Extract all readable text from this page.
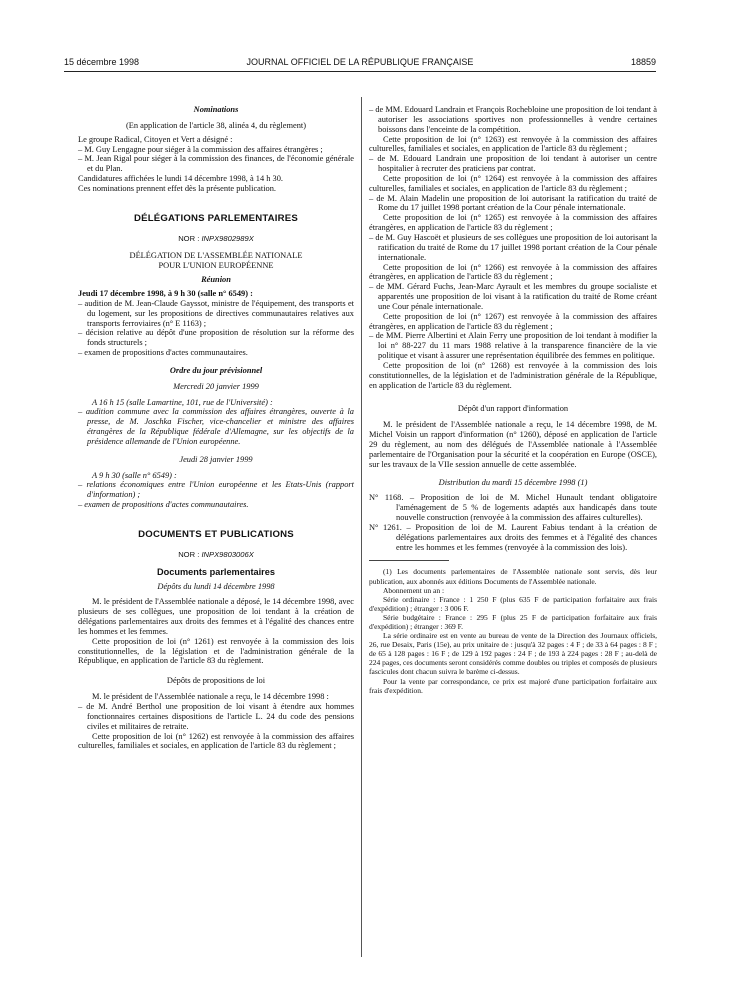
15 décembre 1998	JOURNAL OFFICIEL DE LA RÉPUBLIQUE FRANÇAISE	18859

Nominations

(En application de l'article 38, alinéa 4, du règlement)

Le groupe Radical, Citoyen et Vert a désigné :

– M. Guy Lengagne pour siéger à la commission des affaires étrangères ;

– M. Jean Rigal pour siéger à la commission des finances, de l'économie générale et du Plan.

Candidatures affichées le lundi 14 décembre 1998, à 14 h 30.

Ces nominations prennent effet dès la présente publication.

DÉLÉGATIONS PARLEMENTAIRES

NOR : INPX9802989X

DÉLÉGATION DE L'ASSEMBLÉE NATIONALE

POUR L'UNION EUROPÉENNE

Réunion

Jeudi 17 décembre 1998, à 9 h 30 (salle n° 6549) :

– audition de M. Jean-Claude Gayssot, ministre de l'équipement, des transports et du logement, sur les propositions de directives communautaires relatives aux transports ferroviaires (n° E 1163) ;

– décision relative au dépôt d'une proposition de résolution sur la réforme des fonds structurels ;

– examen de propositions d'actes communautaires.

Ordre du jour prévisionnel

Mercredi 20 janvier 1999

A 16 h 15 (salle Lamartine, 101, rue de l'Université) :

– audition commune avec la commission des affaires étrangères, ouverte à la presse, de M. Joschka Fischer, vice-chancelier et ministre des affaires étrangères de la République fédérale d'Allemagne, sur les objectifs de la présidence allemande de l'Union européenne.

Jeudi 28 janvier 1999

A 9 h 30 (salle n° 6549) :

– relations économiques entre l'Union européenne et les Etats-Unis (rapport d'information) ;

– examen de propositions d'actes communautaires.

DOCUMENTS ET PUBLICATIONS

NOR : INPX9803006X

Documents parlementaires

Dépôts du lundi 14 décembre 1998

M. le président de l'Assemblée nationale a déposé, le 14 décembre 1998, avec plusieurs de ses collègues, une proposition de loi tendant à la création de délégations parlementaires aux droits des femmes et à l'égalité des chances entre les hommes et les femmes.

Cette proposition de loi (n° 1261) est renvoyée à la commission des lois constitutionnelles, de la législation et de l'administration générale de la République, en application de l'article 83 du règlement.

Dépôts de propositions de loi

M. le président de l'Assemblée nationale a reçu, le 14 décembre 1998 :

– de M. André Berthol une proposition de loi visant à étendre aux hommes fonctionnaires certaines dispositions de l'article L. 24 du code des pensions civiles et militaires de retraite.

Cette proposition de loi (n° 1262) est renvoyée à la commission des affaires culturelles, familiales et sociales, en application de l'article 83 du règlement ;

– de MM. Edouard Landrain et François Rochebloine une proposition de loi tendant à autoriser les associations sportives non professionnelles à vendre certaines boissons dans l'enceinte de la compétition.

Cette proposition de loi (n° 1263) est renvoyée à la commission des affaires culturelles, familiales et sociales, en application de l'article 83 du règlement ;

– de M. Edouard Landrain une proposition de loi tendant à autoriser un centre hospitalier à recruter des praticiens par contrat.

Cette proposition de loi (n° 1264) est renvoyée à la commission des affaires culturelles, familiales et sociales, en application de l'article 83 du règlement ;

– de M. Alain Madelin une proposition de loi autorisant la ratification du traité de Rome du 17 juillet 1998 portant création de la Cour pénale internationale.

Cette proposition de loi (n° 1265) est renvoyée à la commission des affaires étrangères, en application de l'article 83 du règlement ;

– de M. Guy Hascoët et plusieurs de ses collègues une proposition de loi autorisant la ratification du traité de Rome du 17 juillet 1998 portant création de la Cour pénale internationale.

Cette proposition de loi (n° 1266) est renvoyée à la commission des affaires étrangères, en application de l'article 83 du règlement ;

– de MM. Gérard Fuchs, Jean-Marc Ayrault et les membres du groupe socialiste et apparentés une proposition de loi visant à la ratification du traité de Rome créant une Cour pénale internationale.

Cette proposition de loi (n° 1267) est renvoyée à la commission des affaires étrangères, en application de l'article 83 du règlement ;

– de MM. Pierre Albertini et Alain Ferry une proposition de loi tendant à modifier la loi n° 88-227 du 11 mars 1988 relative à la transparence financière de la vie politique et visant à assurer une représentation équilibrée des femmes en politique.

Cette proposition de loi (n° 1268) est renvoyée à la commission des lois constitutionnelles, de la législation et de l'administration générale de la République, en application de l'article 83 du règlement.

Dépôt d'un rapport d'information

M. le président de l'Assemblée nationale a reçu, le 14 décembre 1998, de M. Michel Voisin un rapport d'information (n° 1260), déposé en application de l'article 29 du règlement, au nom des délégués de l'Assemblée nationale à l'Assemblée parlementaire de l'Organisation pour la sécurité et la coopération en Europe (OSCE), sur les travaux de la VIIe session annuelle de cette assemblée.

Distribution du mardi 15 décembre 1998 (1)

N° 1168. – Proposition de loi de M. Michel Hunault tendant obligatoire l'aménagement de 5 % de logements adaptés aux handicapés dans toute nouvelle construction (renvoyée à la commission des affaires culturelles).

N° 1261. – Proposition de loi de M. Laurent Fabius tendant à la création de délégations parlementaires aux droits des femmes et à l'égalité des chances entre les hommes et les femmes (renvoyée à la commission des lois).

(1) Les documents parlementaires de l'Assemblée nationale sont servis, dès leur publication, aux abonnés aux éditions Documents de l'Assemblée nationale.

Abonnement un an :

Série ordinaire : France : 1 250 F (plus 635 F de participation forfaitaire aux frais d'expédition) ; étranger : 3 006 F.

Série budgétaire : France : 295 F (plus 25 F de participation forfaitaire aux frais d'expédition) ; étranger : 369 F.

La série ordinaire est en vente au bureau de vente de la Direction des Journaux officiels, 26, rue Desaix, Paris (15e), au prix unitaire de : jusqu'à 32 pages : 4 F ; de 33 à 64 pages : 8 F ; de 65 à 128 pages : 16 F ; de 129 à 192 pages : 24 F ; de 193 à 224 pages : 28 F ; au-delà de 224 pages, ces documents seront considérés comme doubles ou triples et composés de plusieurs fascicules dont chacun suivra le barème ci-dessus.

Pour la vente par correspondance, ce prix est majoré d'une participation forfaitaire aux frais d'expédition.
